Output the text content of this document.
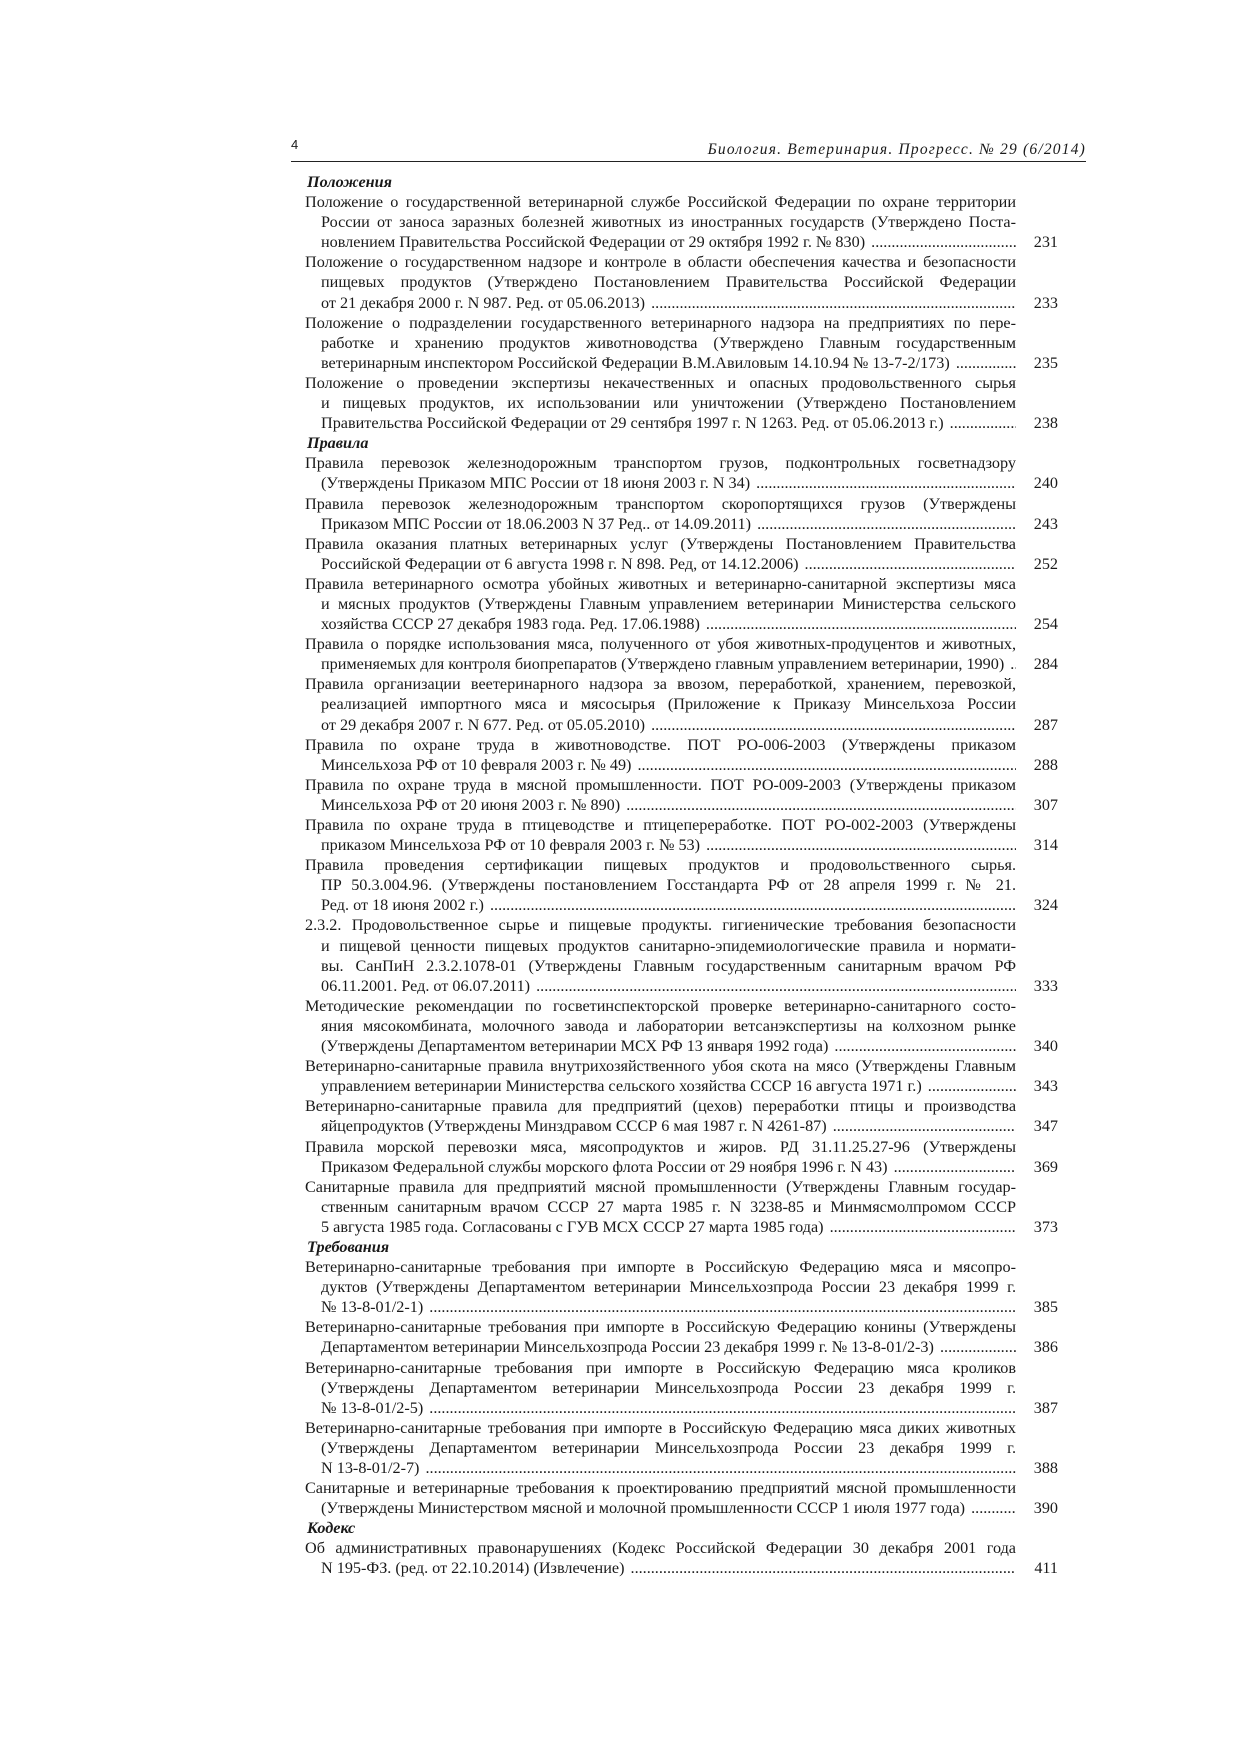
4	Биология. Ветеринария. Прогресс. № 29 (6/2014)
Положения
Положение о государственной ветеринарной службе Российской Федерации по охране территории
России от заноса заразных болезней животных из иностранных государств (Утверждено Поста-
новлением Правительства Российской Федерации от 29 октября 1992 г. № 830) .....	231
Положение о государственном надзоре и контроле в области обеспечения качества и безопасности
пищевых продуктов (Утверждено Постановлением Правительства Российской Федерации
от 21 декабря 2000 г. N 987. Ред. от 05.06.2013) .....	233
Положение о подразделении государственного ветеринарного надзора на предприятиях по пере-
работке и хранению продуктов животноводства (Утверждено Главным государственным
ветеринарным инспектором Российской Федерации В.М.Авиловым 14.10.94 № 13-7-2/173) .....	235
Положение о проведении экспертизы некачественных и опасных продовольственного сырья
и пищевых продуктов, их использовании или уничтожении (Утверждено Постановлением
Правительства Российской Федерации от 29 сентября 1997 г. N 1263. Ред. от 05.06.2013 г.) .....	238
Правила
Правила перевозок железнодорожным транспортом грузов, подконтрольных госветнадзору
(Утверждены Приказом МПС России от 18 июня 2003 г. N 34) .....	240
Правила перевозок железнодорожным транспортом скоропортящихся грузов (Утверждены
Приказом МПС России от 18.06.2003 N 37 Ред.. от 14.09.2011) .....	243
Правила оказания платных ветеринарных услуг (Утверждены Постановлением Правительства
Российской Федерации от 6 августа 1998 г. N 898. Ред, от 14.12.2006) .....	252
Правила ветеринарного осмотра убойных животных и ветеринарно-санитарной экспертизы мяса
и мясных продуктов (Утверждены Главным управлением ветеринарии Министерства сельского
хозяйства СССР 27 декабря 1983 года. Ред. 17.06.1988) .....	254
Правила о порядке использования мяса, полученного от убоя животных-продуцентов и животных,
применяемых для контроля биопрепаратов (Утверждено главным управлением ветеринарии, 1990) .....	284
Правила организации веетеринарного надзора за ввозом, переработкой, хранением, перевозкой,
реализацией импортного мяса и мясосырья (Приложение к Приказу Минсельхоза России
от 29 декабря 2007 г. N 677. Ред. от 05.05.2010) .....	287
Правила по охране труда в животноводстве. ПОТ РО-006-2003 (Утверждены приказом
Минсельхоза РФ от 10 февраля 2003 г. № 49) .....	288
Правила по охране труда в мясной промышленности. ПОТ РО-009-2003 (Утверждены приказом
Минсельхоза РФ от 20 июня 2003 г. № 890) .....	307
Правила по охране труда в птицеводстве и птицепереработке. ПОТ РО-002-2003 (Утверждены
приказом Минсельхоза РФ от 10 февраля 2003 г. № 53) .....	314
Правила проведения сертификации пищевых продуктов и продовольственного сырья.
ПР 50.3.004.96. (Утверждены постановлением Госстандарта РФ от 28 апреля 1999 г. № 21.
Ред. от 18 июня 2002 г.) .....	324
2.3.2. Продовольственное сырье и пищевые продукты. гигиенические требования безопасности
и пищевой ценности пищевых продуктов санитарно-эпидемиологические правила и нормати-
вы. СанПиН 2.3.2.1078-01 (Утверждены Главным государственным санитарным врачом РФ
06.11.2001. Ред. от 06.07.2011) .....	333
Методические рекомендации по госветинспекторской проверке ветеринарно-санитарного состо-
яния мясокомбината, молочного завода и лаборатории ветсанэкспертизы на колхозном рынке
(Утверждены Департаментом ветеринарии МСХ РФ 13 января 1992 года) .....	340
Ветеринарно-санитарные правила внутрихозяйственного убоя скота на мясо (Утверждены Главным
управлением ветеринарии Министерства сельского хозяйства СССР 16 августа 1971 г.) .....	343
Ветеринарно-санитарные правила для предприятий (цехов) переработки птицы и производства
яйцепродуктов (Утверждены Минздравом СССР 6 мая 1987 г. N 4261-87) .....	347
Правила морской перевозки мяса, мясопродуктов и жиров. РД 31.11.25.27-96 (Утверждены
Приказом Федеральной службы морского флота России от 29 ноября 1996 г. N 43) .....	369
Санитарные правила для предприятий мясной промышленности (Утверждены Главным государ-
ственным санитарным врачом СССР 27 марта 1985 г. N 3238-85 и Минмясмолпромом СССР
5 августа 1985 года. Согласованы с ГУВ МСХ СССР 27 марта 1985 года) .....	373
Требования
Ветеринарно-санитарные требования при импорте в Российскую Федерацию мяса и мясопро-
дуктов (Утверждены Департаментом ветеринарии Минсельхозпрода России 23 декабря 1999 г.
№ 13-8-01/2-1) .....	385
Ветеринарно-санитарные требования при импорте в Российскую Федерацию конины (Утверждены
Департаментом ветеринарии Минсельхозпрода России 23 декабря 1999 г. № 13-8-01/2-3) .....	386
Ветеринарно-санитарные требования при импорте в Российскую Федерацию мяса кроликов
(Утверждены Департаментом ветеринарии Минсельхозпрода России 23 декабря 1999 г.
№ 13-8-01/2-5) .....	387
Ветеринарно-санитарные требования при импорте в Российскую Федерацию мяса диких животных
(Утверждены Департаментом ветеринарии Минсельхозпрода России 23 декабря 1999 г.
N 13-8-01/2-7) .....	388
Санитарные и ветеринарные требования к проектированию предприятий мясной промышленности
(Утверждены Министерством мясной и молочной промышленности СССР 1 июля 1977 года) .....	390
Кодекс
Об административных правонарушениях (Кодекс Российской Федерации 30 декабря 2001 года
N 195-ФЗ. (ред. от 22.10.2014) (Извлечение) .....	411
